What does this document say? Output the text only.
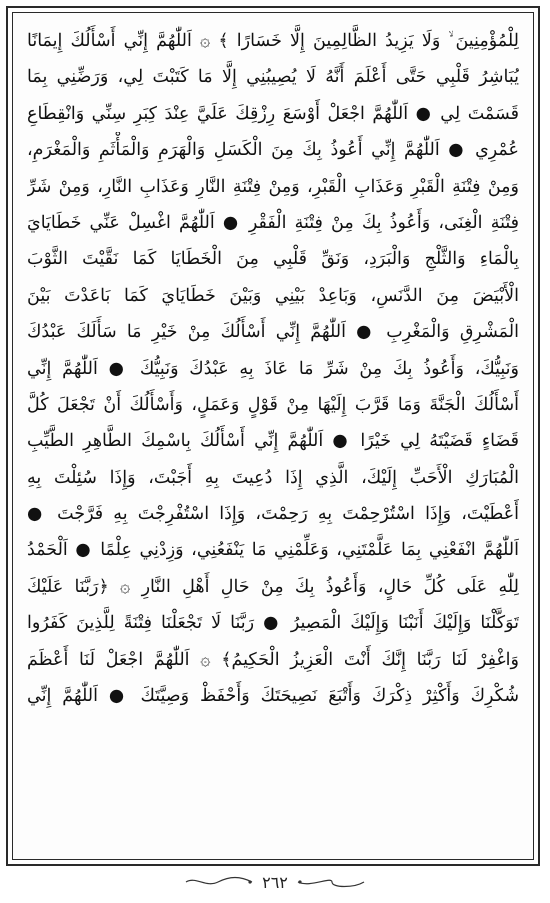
لِلْمُؤْمِنِينَ ۙ وَلَا يَزِيدُ الظَّالِمِينَ إِلَّا خَسَارًا ﴾ ۞ اَللّٰهُمَّ إِنِّي أَسْأَلُكَ إِيمَانًا
يُبَاشِرُ قَلْبِي حَتَّى أَعْلَمَ أَنَّهُ لَا يُصِيبُنِي إِلَّا مَا كَتَبْتَ لِي، وَرَضِّنِي بِمَا
قَسَمْتَ لِي ● اَللّٰهُمَّ اجْعَلْ أَوْسَعَ رِزْقِكَ عَلَيَّ عِنْدَ كِبَرِ سِنِّي وَانْقِطَاعِ
عُمْرِي ● اَللّٰهُمَّ إِنِّي أَعُوذُ بِكَ مِنَ الْكَسَلِ وَالْهَرَمِ وَالْمَأْثَمِ وَالْمَغْرَمِ،
وَمِنْ فِتْنَةِ الْقَبْرِ وَعَذَابِ الْقَبْرِ، وَمِنْ فِتْنَةِ النَّارِ وَعَذَابِ النَّارِ، وَمِنْ شَرِّ
فِتْنَةِ الْغِنَى، وَأَعُوذُ بِكَ مِنْ فِتْنَةِ الْفَقْرِ ● اَللّٰهُمَّ اغْسِلْ عَنِّي خَطَايَايَ
بِالْمَاءِ وَالثَّلْجِ وَالْبَرَدِ، وَنَقِّ قَلْبِي مِنَ الْخَطَايَا كَمَا نَقَّيْتَ الثَّوْبَ
الْأَبْيَضَ مِنَ الدَّنَسِ، وَبَاعِدْ بَيْنِي وَبَيْنَ خَطَايَايَ كَمَا بَاعَدْتَ بَيْنَ
الْمَشْرِقِ وَالْمَغْرِبِ ● اَللّٰهُمَّ إِنِّي أَسْأَلُكَ مِنْ خَيْرِ مَا سَأَلَكَ عَبْدُكَ
وَنَبِيُّكَ، وَأَعُوذُ بِكَ مِنْ شَرِّ مَا عَاذَ بِهِ عَبْدُكَ وَنَبِيُّكَ ● اَللّٰهُمَّ إِنِّي
أَسْأَلُكَ الْجَنَّةَ وَمَا قَرَّبَ إِلَيْهَا مِنْ قَوْلٍ وَعَمَلٍ، وَأَسْأَلُكَ أَنْ تَجْعَلَ كُلَّ
قَضَاءٍ قَضَيْتَهُ لِي خَيْرًا ● اَللّٰهُمَّ إِنِّي أَسْأَلُكَ بِاسْمِكَ الطَّاهِرِ الطَّيِّبِ
الْمُبَارَكِ الْأَحَبِّ إِلَيْكَ، الَّذِي إِذَا دُعِيتَ بِهِ أَجَبْتَ، وَإِذَا سُئِلْتَ بِهِ
أَعْطَيْتَ، وَإِذَا اسْتُرْحِمْتَ بِهِ رَحِمْتَ، وَإِذَا اسْتُفْرِجْتَ بِهِ فَرَّجْتَ ●
اَللّٰهُمَّ انْفَعْنِي بِمَا عَلَّمْتَنِي، وَعَلِّمْنِي مَا يَنْفَعُنِي، وَزِدْنِي عِلْمًا ● اَلْحَمْدُ
لِلّٰهِ عَلَى كُلِّ حَالٍ، وَأَعُوذُ بِكَ مِنْ حَالِ أَهْلِ النَّارِ ۞ ﴿رَبَّنَا عَلَيْكَ
تَوَكَّلْنَا وَإِلَيْكَ أَنَبْنَا وَإِلَيْكَ الْمَصِيرُ ● رَبَّنَا لَا تَجْعَلْنَا فِتْنَةً لِلَّذِينَ كَفَرُوا
وَاغْفِرْ لَنَا رَبَّنَا إِنَّكَ أَنْتَ الْعَزِيزُ الْحَكِيمُ﴾ ۞ اَللّٰهُمَّ اجْعَلْ لَنَا أَعْظَمَ
شُكْرِكَ وَأَكْثِرْ ذِكْرَكَ وَأَتْبَعَ نَصِيحَتَكَ وَأَحْفَظْ وَصِيَّتَكَ ● اَللّٰهُمَّ إِنِّي
٢٦٢
